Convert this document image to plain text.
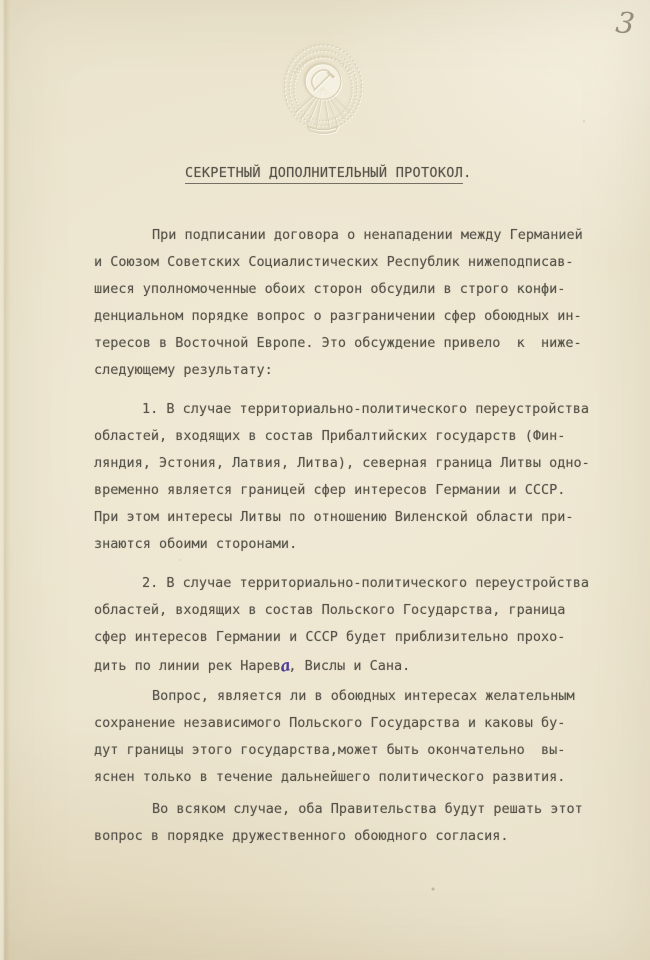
3
СЕКРЕТНЫЙ ДОПОЛНИТЕЛЬНЫЙ ПРОТОКОЛ.
При подписании договора о ненападении между Германией
и Союзом Советских Социалистических Республик нижеподписав-
шиеся уполномоченные обоих сторон обсудили в строго конфи-
денциальном порядке вопрос о разграничении сфер обоюдных ин-
тересов в Восточной Европе. Это обсуждение привело  к  ниже-
следующему результату:
1. В случае территориально-политического переустройства
областей, входящих в состав Прибалтийских государств (Фин-
ляндия, Эстония, Латвия, Литва), северная граница Литвы одно-
временно является границей сфер интересов Германии и СССР.
При этом интересы Литвы по отношению Виленской области при-
знаются обоими сторонами.
2. В случае территориально-политического переустройства
областей, входящих в состав Польского Государства, граница
сфер интересов Германии и СССР будет приблизительно прохо-
дить по линии рек Нарева, Вислы и Сана.
Вопрос, является ли в обоюдных интересах желательным
сохранение независимого Польского Государства и каковы бу-
дут границы этого государства,может быть окончательно  вы-
яснен только в течение дальнейшего политического развития.
Во всяком случае, оба Правительства будут решать этот
вопрос в порядке дружественного обоюдного согласия.
